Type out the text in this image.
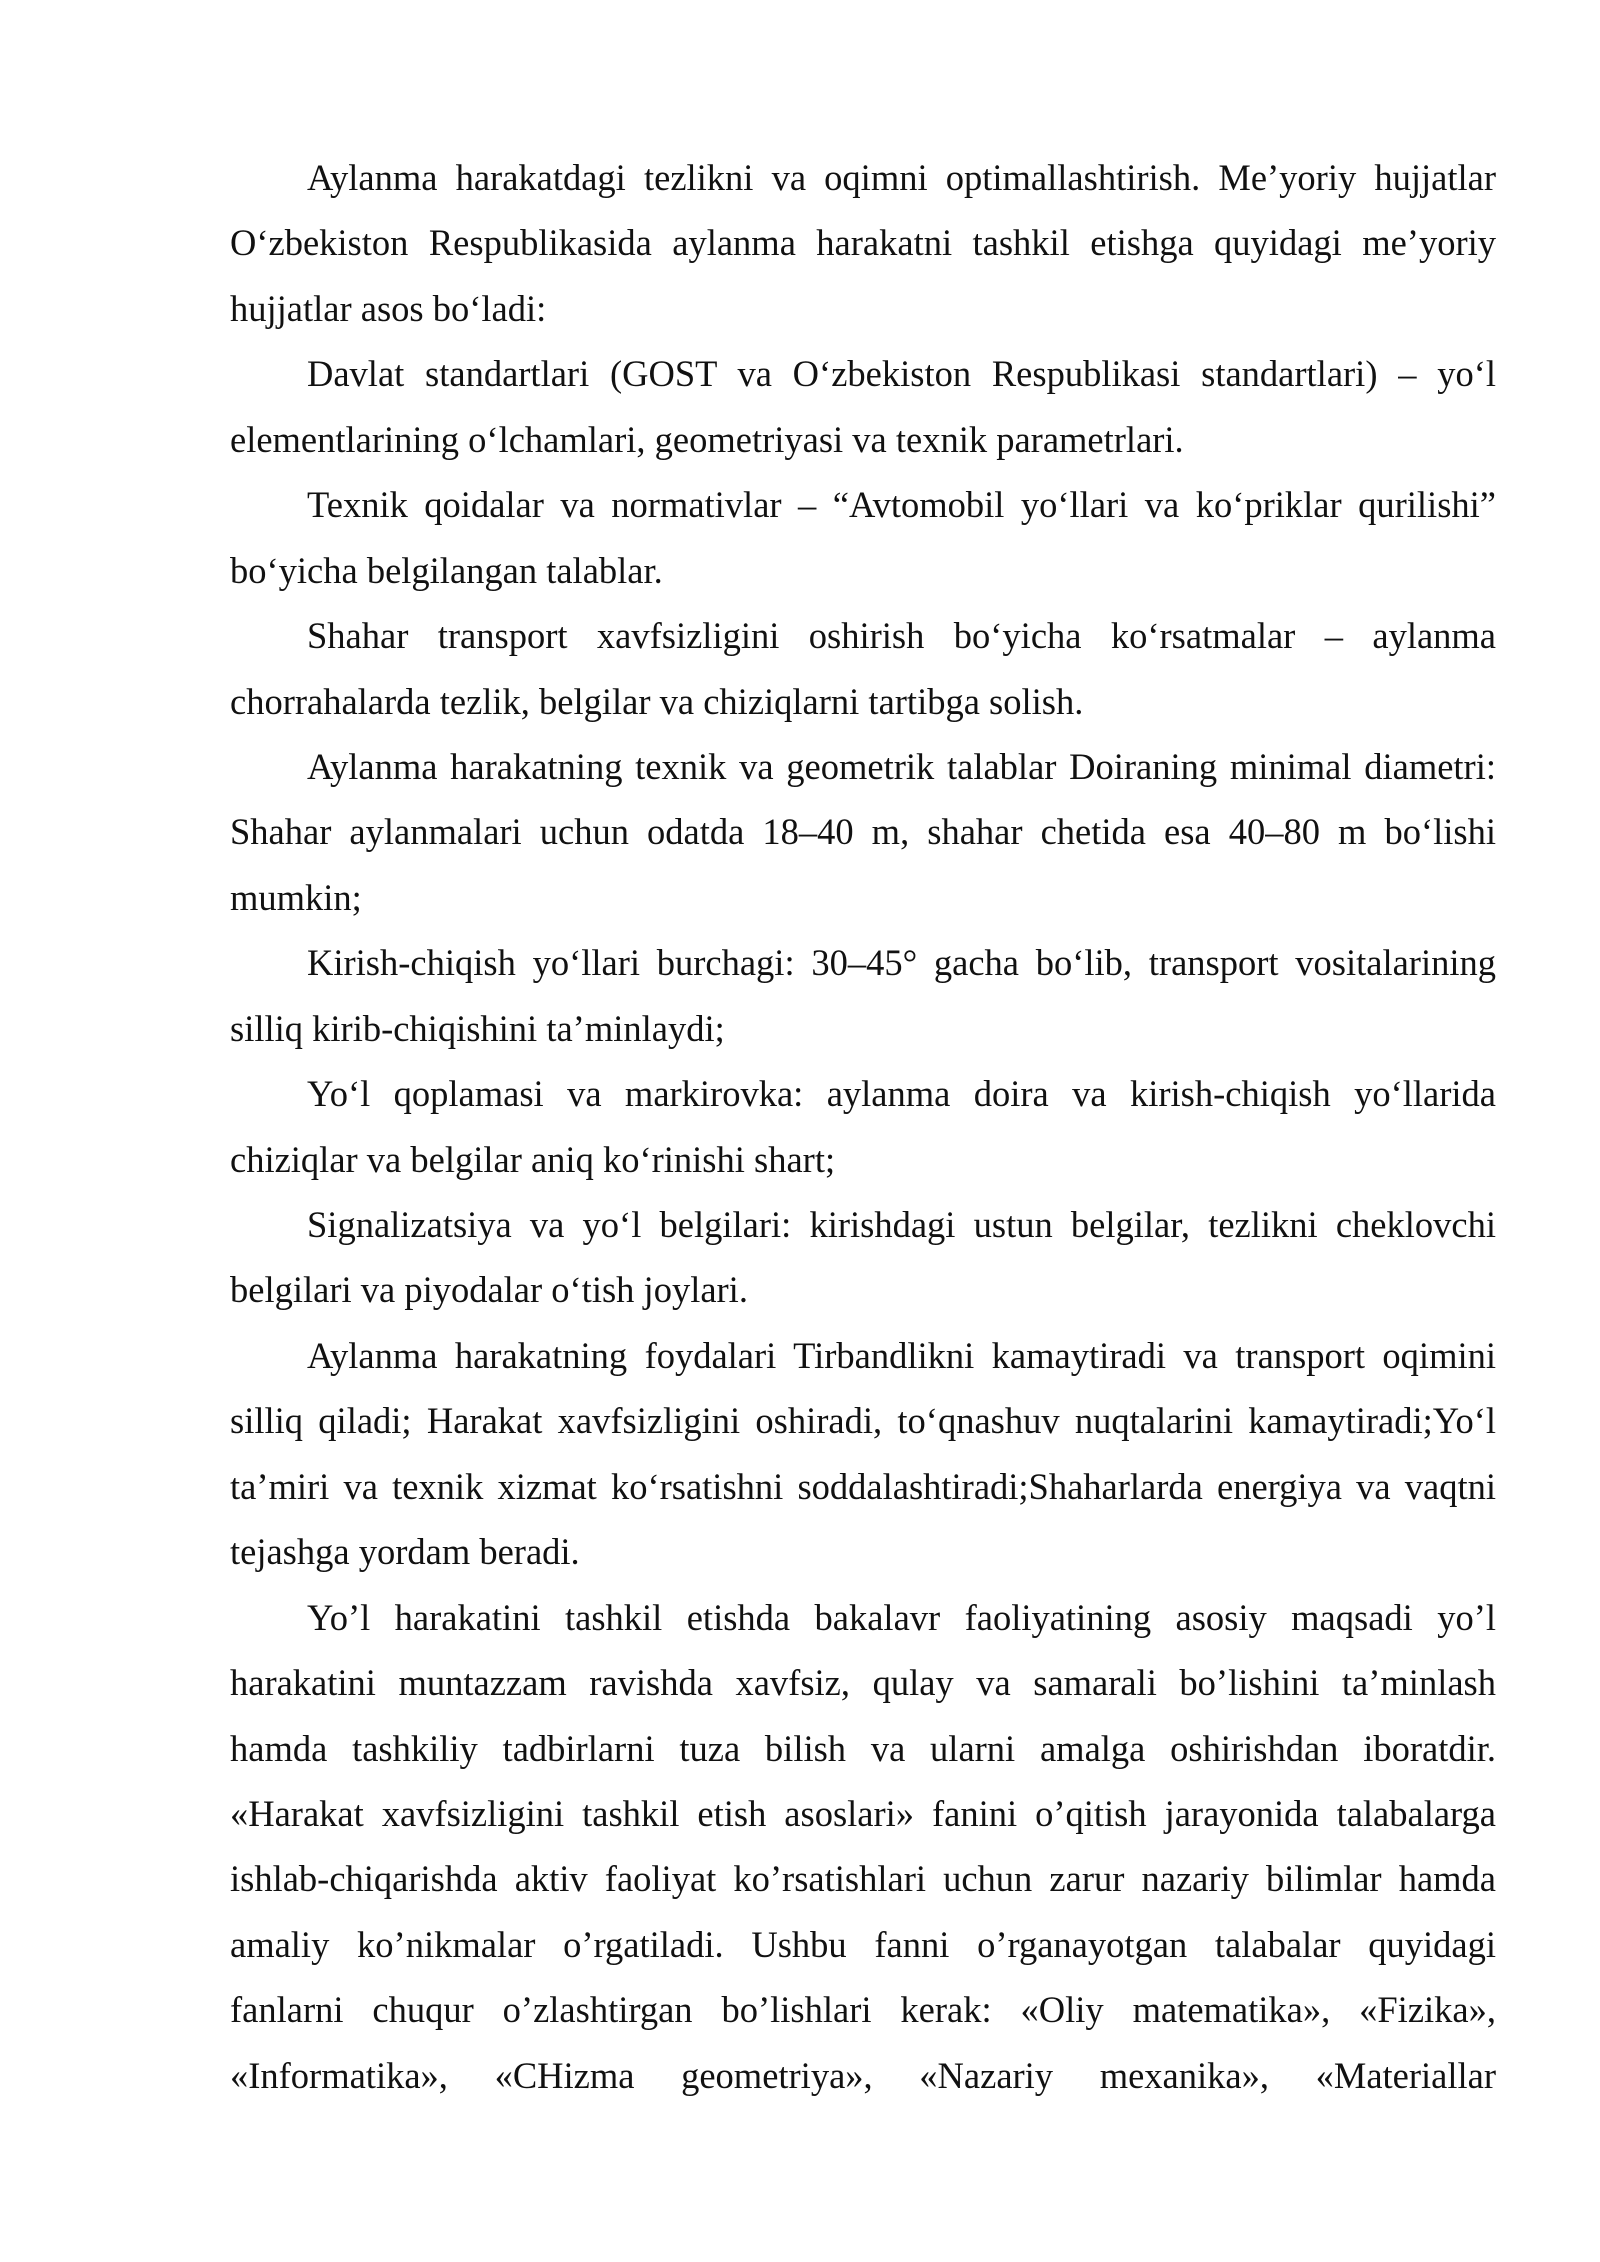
Aylanma harakatdagi tezlikni va oqimni optimallashtirish. Me’yoriy hujjatlar
O‘zbekiston Respublikasida aylanma harakatni tashkil etishga quyidagi me’yoriy
hujjatlar asos bo‘ladi:
Davlat standartlari (GOST va O‘zbekiston Respublikasi standartlari) – yo‘l
elementlarining o‘lchamlari, geometriyasi va texnik parametrlari.
Texnik qoidalar va normativlar – “Avtomobil yo‘llari va ko‘priklar qurilishi”
bo‘yicha belgilangan talablar.
Shahar transport xavfsizligini oshirish bo‘yicha ko‘rsatmalar – aylanma
chorrahalarda tezlik, belgilar va chiziqlarni tartibga solish.
Aylanma harakatning texnik va geometrik talablar Doiraning minimal diametri:
Shahar aylanmalari uchun odatda 18–40 m, shahar chetida esa 40–80 m bo‘lishi
mumkin;
Kirish-chiqish yo‘llari burchagi: 30–45° gacha bo‘lib, transport vositalarining
silliq kirib-chiqishini ta’minlaydi;
Yo‘l qoplamasi va markirovka: aylanma doira va kirish-chiqish yo‘llarida
chiziqlar va belgilar aniq ko‘rinishi shart;
Signalizatsiya va yo‘l belgilari: kirishdagi ustun belgilar, tezlikni cheklovchi
belgilari va piyodalar o‘tish joylari.
Aylanma harakatning foydalari Tirbandlikni kamaytiradi va transport oqimini
silliq qiladi; Harakat xavfsizligini oshiradi, to‘qnashuv nuqtalarini kamaytiradi;Yo‘l
ta’miri va texnik xizmat ko‘rsatishni soddalashtiradi;Shaharlarda energiya va vaqtni
tejashga yordam beradi.
Yo’l harakatini tashkil etishda bakalavr faoliyatining asosiy maqsadi yo’l
harakatini muntazzam ravishda xavfsiz, qulay va samarali bo’lishini ta’minlash
hamda tashkiliy tadbirlarni tuza bilish va ularni amalga oshirishdan iboratdir.
«Harakat xavfsizligini tashkil etish asoslari» fanini o’qitish jarayonida talabalarga
ishlab-chiqarishda aktiv faoliyat ko’rsatishlari uchun zarur nazariy bilimlar hamda
amaliy ko’nikmalar o’rgatiladi. Ushbu fanni o’rganayotgan talabalar quyidagi
fanlarni chuqur o’zlashtirgan bo’lishlari kerak: «Oliy matematika», «Fizika»,
«Informatika», «CHizma geometriya», «Nazariy mexanika», «Materiallar
